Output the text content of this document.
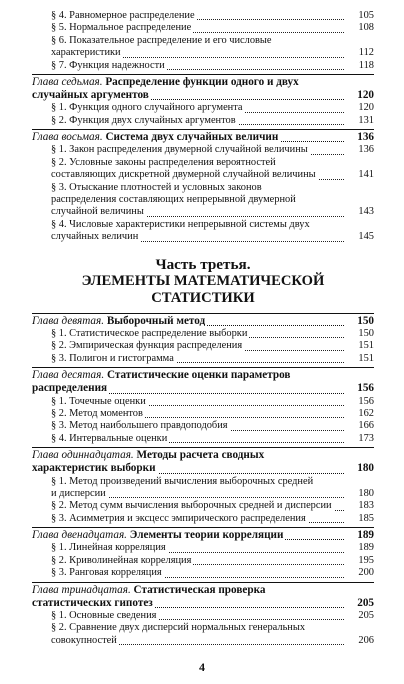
§ 4. Равномерное распределение	105
§ 5. Нормальное распределение	108
§ 6. Показательное распределение и его числовые
характеристики	112
§ 7. Функция надежности	118
Глава седьмая. Распределение функции одного и двух
случайных аргументов	120
§ 1. Функция одного случайного аргумента	120
§ 2. Функция двух случайных аргументов	131
Глава восьмая. Система двух случайных величин	136
§ 1. Закон распределения двумерной случайной величины	136
§ 2. Условные законы распределения вероятностей
составляющих дискретной двумерной случайной величины	141
§ 3. Отыскание плотностей и условных законов
распределения составляющих непрерывной двумерной
случайной величины	143
§ 4. Числовые характеристики непрерывной системы двух
случайных величин	145
Часть третья.
ЭЛЕМЕНТЫ МАТЕМАТИЧЕСКОЙ СТАТИСТИКИ
Глава девятая. Выборочный метод	150
§ 1. Статистическое распределение выборки	150
§ 2. Эмпирическая функция распределения	151
§ 3. Полигон и гистограмма	151
Глава десятая. Статистические оценки параметров
распределения	156
§ 1. Точечные оценки	156
§ 2. Метод моментов	162
§ 3. Метод наибольшего правдоподобия	166
§ 4. Интервальные оценки	173
Глава одиннадцатая. Методы расчета сводных
характеристик выборки	180
§ 1. Метод произведений вычисления выборочных средней
и дисперсии	180
§ 2. Метод сумм вычисления выборочных средней и дисперсии	183
§ 3. Асимметрия и эксцесс эмпирического распределения	185
Глава двенадцатая. Элементы теории корреляции	189
§ 1. Линейная корреляция	189
§ 2. Криволинейная корреляция	195
§ 3. Ранговая корреляция	200
Глава тринадцатая. Статистическая проверка
статистических гипотез	205
§ 1. Основные сведения	205
§ 2. Сравнение двух дисперсий нормальных генеральных
совокупностей	206
4
